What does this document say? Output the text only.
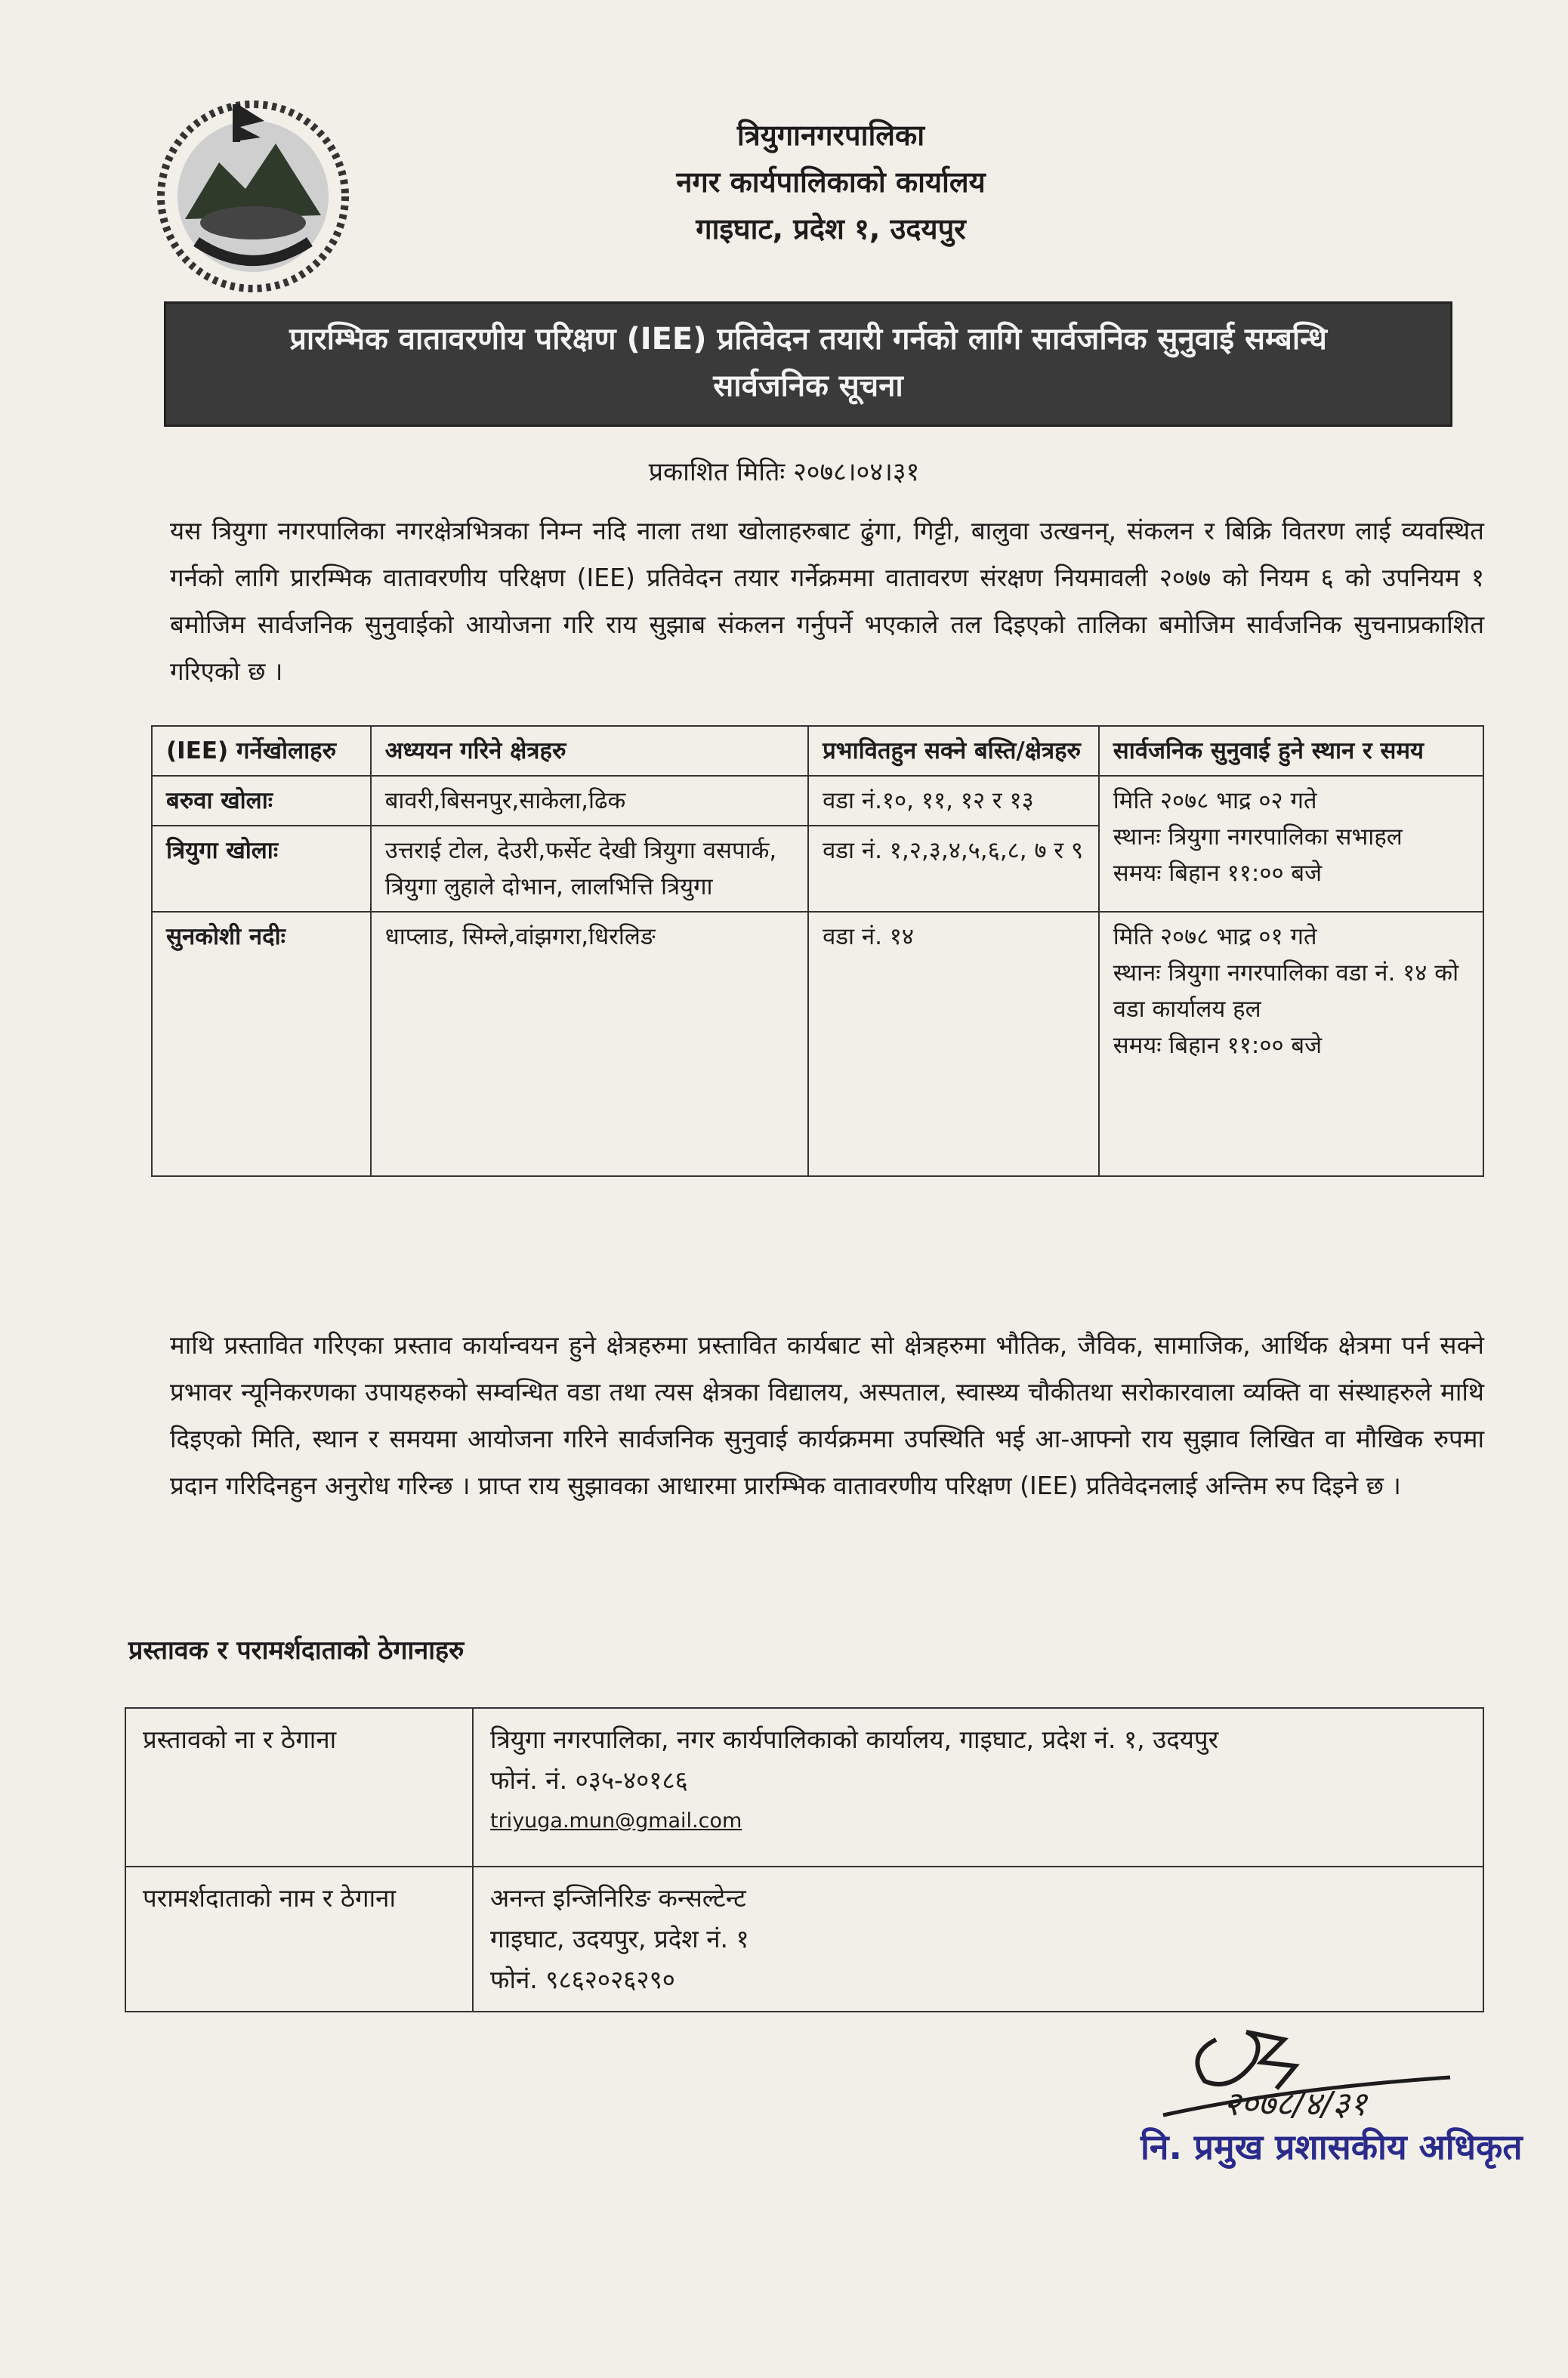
त्रियुगानगरपालिका
नगर कार्यपालिकाको कार्यालय
गाइघाट, प्रदेश १, उदयपुर
प्रारम्भिक वातावरणीय परिक्षण (IEE) प्रतिवेदन तयारी गर्नको लागि सार्वजनिक सुनुवाई सम्बन्धि
सार्वजनिक सूचना
प्रकाशित मितिः २०७८।०४।३१
यस त्रियुगा नगरपालिका नगरक्षेत्रभित्रका निम्न नदि नाला तथा खोलाहरुबाट ढुंगा, गिट्टी, बालुवा उत्खनन्, संकलन र बिक्रि वितरण लाई व्यवस्थित गर्नको लागि प्रारम्भिक वातावरणीय परिक्षण (IEE) प्रतिवेदन तयार गर्नेक्रममा वातावरण संरक्षण नियमावली २०७७ को नियम ६ को उपनियम १ बमोजिम सार्वजनिक सुनुवाईको आयोजना गरि राय सुझाब संकलन गर्नुपर्ने भएकाले तल दिइएको तालिका बमोजिम सार्वजनिक सुचनाप्रकाशित गरिएको छ ।
(IEE) गर्नेखोलाहरु	अध्ययन गरिने क्षेत्रहरु	प्रभावितहुन सक्ने बस्ति/क्षेत्रहरु	सार्वजनिक सुनुवाई हुने स्थान र समय
बरुवा खोलाः	बावरी,बिसनपुर,साकेला,ढिक	वडा नं.१०, ११, १२ र १३	मिति २०७८ भाद्र ०२ गते
स्थानः त्रियुगा नगरपालिका सभाहल
समयः बिहान ११:०० बजे

त्रियुगा खोलाः	उत्तराई टोल, देउरी,फर्सेट देखी त्रियुगा वसपार्क, त्रियुगा लुहाले दोभान, लालभित्ति त्रियुगा	वडा नं. १,२,३,४,५,६,८, ७ र ९	
सुनकोशी नदीः	धाप्लाड, सिम्ले,वांझगरा,धिरलिङ	वडा नं. १४	मिति २०७८ भाद्र ०१ गते
स्थानः त्रियुगा नगरपालिका वडा नं. १४ को वडा कार्यालय हल
समयः बिहान ११:०० बजे
माथि प्रस्तावित गरिएका प्रस्ताव कार्यान्वयन हुने क्षेत्रहरुमा प्रस्तावित कार्यबाट सो क्षेत्रहरुमा भौतिक, जैविक, सामाजिक, आर्थिक क्षेत्रमा पर्न सक्ने प्रभावर न्यूनिकरणका उपायहरुको सम्वन्धित वडा तथा त्यस क्षेत्रका विद्यालय, अस्पताल, स्वास्थ्य चौकीतथा सरोकारवाला व्यक्ति वा संस्थाहरुले माथि दिइएको मिति, स्थान र समयमा आयोजना गरिने सार्वजनिक सुनुवाई कार्यक्रममा उपस्थिति भई आ-आफ्नो राय सुझाव लिखित वा मौखिक रुपमा प्रदान गरिदिनहुन अनुरोध गरिन्छ । प्राप्त राय सुझावका आधारमा प्रारम्भिक वातावरणीय परिक्षण (IEE) प्रतिवेदनलाई अन्तिम रुप दिइने छ ।
प्रस्तावक र परामर्शदाताको ठेगानाहरु
प्रस्तावको ना र ठेगाना	त्रियुगा नगरपालिका, नगर कार्यपालिकाको कार्यालय, गाइघाट, प्रदेश नं. १, उदयपुर
फोनं. नं. ०३५-४०१८६
triyuga.mun@gmail.com

परामर्शदाताको नाम र ठेगाना	अनन्त इन्जिनिरिङ कन्सल्टेन्ट
गाइघाट, उदयपुर, प्रदेश नं. १
फोनं. ९८६२०२६२९०
२०७८/४/३१
नि. प्रमुख प्रशासकीय अधिकृत
